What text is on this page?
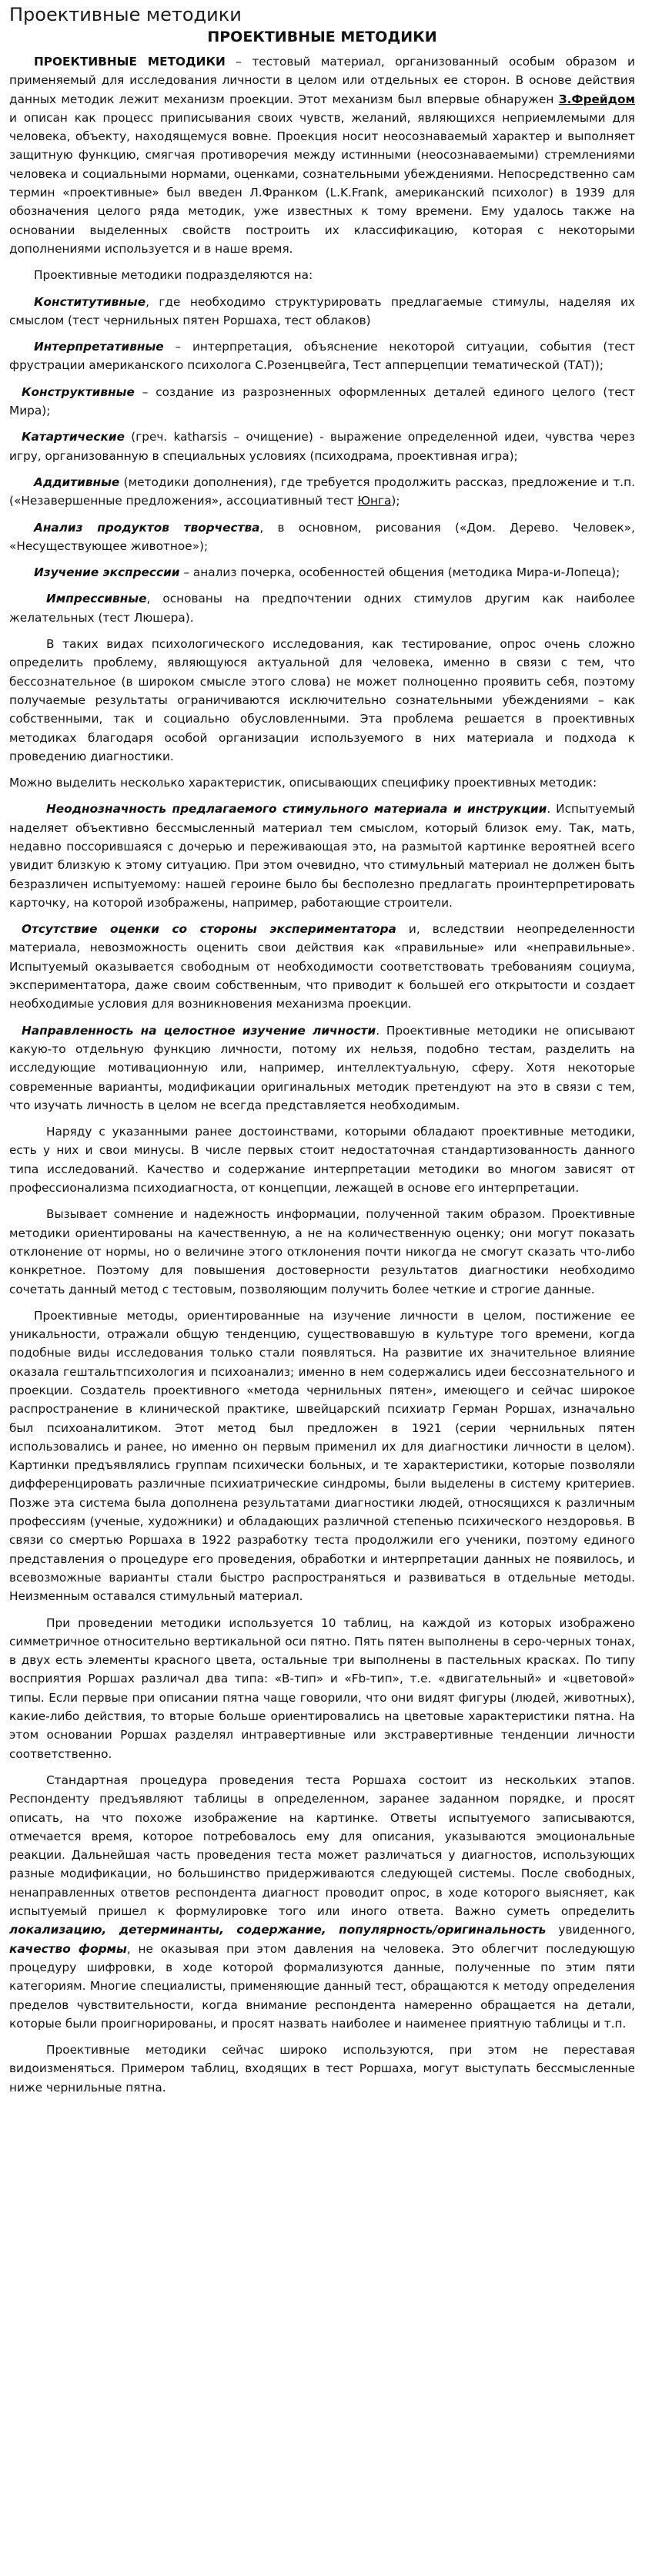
Проективные методики
ПРОЕКТИВНЫЕ МЕТОДИКИ

ПРОЕКТИВНЫЕ МЕТОДИКИ – тестовый материал, организованный особым образом и применяемый для исследования личности в целом или отдельных ее сторон. В основе действия данных методик лежит механизм проекции. Этот механизм был впервые обнаружен З.Фрейдом и описан как процесс приписывания своих чувств, желаний, являющихся неприемлемыми для человека, объекту, находящемуся вовне. Проекция носит неосознаваемый характер и выполняет защитную функцию, смягчая противоречия между истинными (неосознаваемыми) стремлениями человека и социальными нормами, оценками, сознательными убеждениями. Непосредственно сам термин «проективные» был введен Л.Франком (L.K.Frank, американский психолог) в 1939 для обозначения целого ряда методик, уже известных к тому времени. Ему удалось также на основании выделенных свойств построить их классификацию, которая с некоторыми дополнениями используется и в наше время.

Проективные методики подразделяются на:

Конститутивные, где необходимо структурировать предлагаемые стимулы, наделяя их смыслом (тест чернильных пятен Роршаха, тест облаков)

Интерпретативные – интерпретация, объяснение некоторой ситуации, события (тест фрустрации американского психолога С.Розенцвейга, Тест апперцепции тематической (ТАТ));

Конструктивные – создание из разрозненных оформленных деталей единого целого (тест Мира);

Катартические (греч. katharsis – очищение) - выражение определенной идеи, чувства через игру, организованную в специальных условиях (психодрама, проективная игра);

Аддитивные (методики дополнения), где требуется продолжить рассказ, предложение и т.п. («Незавершенные предложения», ассоциативный тест Юнга);

Анализ продуктов творчества, в основном, рисования («Дом. Дерево. Человек», «Несуществующее животное»);

Изучение экспрессии – анализ почерка, особенностей общения (методика Мира-и-Лопеца);

Импрессивные, основаны на предпочтении одних стимулов другим как наиболее желательных (тест Люшера).

В таких видах психологического исследования, как тестирование, опрос очень сложно определить проблему, являющуюся актуальной для человека, именно в связи с тем, что бессознательное (в широком смысле этого слова) не может полноценно проявить себя, поэтому получаемые результаты ограничиваются исключительно сознательными убеждениями – как собственными, так и социально обусловленными. Эта проблема решается в проективных методиках благодаря особой организации используемого в них материала и подхода к проведению диагностики.

Можно выделить несколько характеристик, описывающих специфику проективных методик:

Неоднозначность предлагаемого стимульного материала и инструкции. Испытуемый наделяет объективно бессмысленный материал тем смыслом, который близок ему. Так, мать, недавно поссорившаяся с дочерью и переживающая это, на размытой картинке вероятней всего увидит близкую к этому ситуацию. При этом очевидно, что стимульный материал не должен быть безразличен испытуемому: нашей героине было бы бесполезно предлагать проинтерпретировать карточку, на которой изображены, например, работающие строители.

Отсутствие оценки со стороны экспериментатора и, вследствии неопределенности материала, невозможность оценить свои действия как «правильные» или «неправильные». Испытуемый оказывается свободным от необходимости соответствовать требованиям социума, экспериментатора, даже своим собственным, что приводит к большей его открытости и создает необходимые условия для возникновения механизма проекции.

Направленность на целостное изучение личности. Проективные методики не описывают какую-то отдельную функцию личности, потому их нельзя, подобно тестам, разделить на исследующие мотивационную или, например, интеллектуальную, сферу. Хотя некоторые современные варианты, модификации оригинальных методик претендуют на это в связи с тем, что изучать личность в целом не всегда представляется необходимым.

Наряду с указанными ранее достоинствами, которыми обладают проективные методики, есть у них и свои минусы. В числе первых стоит недостаточная стандартизованность данного типа исследований. Качество и содержание интерпретации методики во многом зависят от профессионализма психодиагноста, от концепции, лежащей в основе его интерпретации.

Вызывает сомнение и надежность информации, полученной таким образом. Проективные методики ориентированы на качественную, а не на количественную оценку; они могут показать отклонение от нормы, но о величине этого отклонения почти никогда не смогут сказать что-либо конкретное. Поэтому для повышения достоверности результатов диагностики необходимо сочетать данный метод с тестовым, позволяющим получить более четкие и строгие данные.

Проективные методы, ориентированные на изучение личности в целом, постижение ее уникальности, отражали общую тенденцию, существовавшую в культуре того времени, когда подобные виды исследования только стали появляться. На развитие их значительное влияние оказала гештальтпсихология и психоанализ; именно в нем содержались идеи бессознательного и проекции. Создатель проективного «метода чернильных пятен», имеющего и сейчас широкое распространение в клинической практике, швейцарский психиатр Герман Роршах, изначально был психоаналитиком. Этот метод был предложен в 1921 (серии чернильных пятен использовались и ранее, но именно он первым применил их для диагностики личности в целом). Картинки предъявлялись группам психически больных, и те характеристики, которые позволяли дифференцировать различные психиатрические синдромы, были выделены в систему критериев. Позже эта система была дополнена результатами диагностики людей, относящихся к различным профессиям (ученые, художники) и обладающих различной степенью психического нездоровья. В связи со смертью Роршаха в 1922 разработку теста продолжили его ученики, поэтому единого представления о процедуре его проведения, обработки и интерпретации данных не появилось, и всевозможные варианты стали быстро распространяться и развиваться в отдельные методы. Неизменным оставался стимульный материал.

При проведении методики используется 10 таблиц, на каждой из которых изображено симметричное относительно вертикальной оси пятно. Пять пятен выполнены в серо-черных тонах, в двух есть элементы красного цвета, остальные три выполнены в пастельных красках. По типу восприятия Роршах различал два типа: «В-тип» и «Fb-тип», т.е. «двигательный» и «цветовой» типы. Если первые при описании пятна чаще говорили, что они видят фигуры (людей, животных), какие-либо действия, то вторые больше ориентировались на цветовые характеристики пятна. На этом основании Роршах разделял интравертивные или экстравертивные тенденции личности соответственно.

Стандартная процедура проведения теста Роршаха состоит из нескольких этапов. Респонденту предъявляют таблицы в определенном, заранее заданном порядке, и просят описать, на что похоже изображение на картинке. Ответы испытуемого записываются, отмечается время, которое потребовалось ему для описания, указываются эмоциональные реакции. Дальнейшая часть проведения теста может различаться у диагностов, использующих разные модификации, но большинство придерживаются следующей системы. После свободных, ненаправленных ответов респондента диагност проводит опрос, в ходе которого выясняет, как испытуемый пришел к формулировке того или иного ответа. Важно суметь определить локализацию, детерминанты, содержание, популярность/оригинальность увиденного, качество формы, не оказывая при этом давления на человека. Это облегчит последующую процедуру шифровки, в ходе которой формализуются данные, полученные по этим пяти категориям. Многие специалисты, применяющие данный тест, обращаются к методу определения пределов чувствительности, когда внимание респондента намеренно обращается на детали, которые были проигнорированы, и просят назвать наиболее и наименее приятную таблицы и т.п.

Проективные методики сейчас широко используются, при этом не переставая видоизменяться. Примером таблиц, входящих в тест Роршаха, могут выступать бессмысленные ниже чернильные пятна.
